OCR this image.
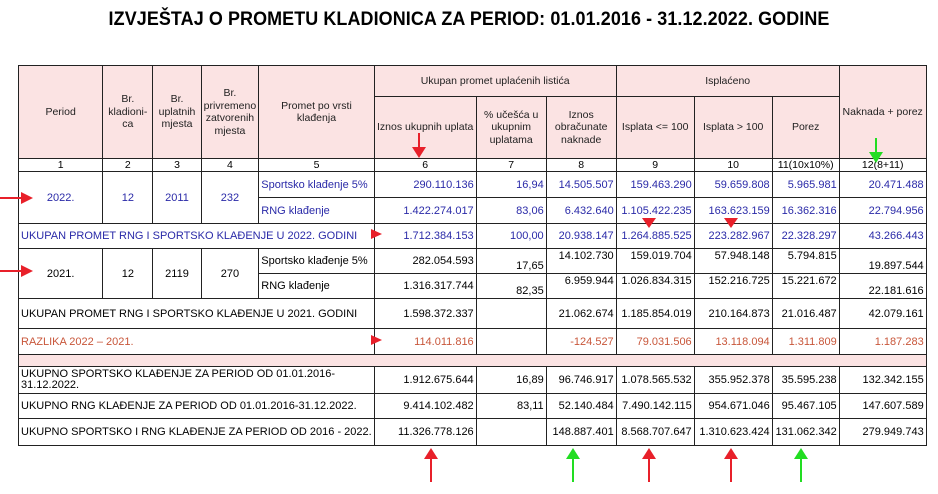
IZVJEŠTAJ O PROMETU KLADIONICA ZA PERIOD: 01.01.2016 - 31.12.2022. GODINE
Period	Br. kladioni-ca	Br. uplatnih mjesta	Br. privremeno zatvorenih mjesta	Promet po vrsti klađenja	Ukupan promet uplaćenih listića			Isplaćeno			Naknada + porez
					Iznos ukupnih uplata	% učešća u ukupnim uplatama	Iznos obračunate naknade	Isplata <= 100	Isplata > 100	Porez	
1	2	3	4	5	6	7	8	9	10	11(10x10%)	12(8+11)
2022.	12	2011	232	Sportsko klađenje 5%	290.110.136	16,94	14.505.507	159.463.290	59.659.808	5.965.981	20.471.488
				RNG klađenje	1.422.274.017	83,06	6.432.640	1.105.422.235	163.623.159	16.362.316	22.794.956
UKUPAN PROMET RNG I SPORTSKO KLAĐENJE U 2022. GODINI					1.712.384.153	100,00	20.938.147	1.264.885.525	223.282.967	22.328.297	43.266.443
2021.	12	2119	270	Sportsko klađenje 5%	282.054.593	17,65	14.102.730	159.019.704	57.948.148	5.794.815	19.897.544
				RNG klađenje	1.316.317.744	82,35	6.959.944	1.026.834.315	152.216.725	15.221.672	22.181.616
UKUPAN PROMET RNG I SPORTSKO KLAĐENJE U 2021. GODINI					1.598.372.337		21.062.674	1.185.854.019	210.164.873	21.016.487	42.079.161
RAZLIKA 2022 – 2021.					114.011.816		-124.527	79.031.506	13.118.094	1.311.809	1.187.283

UKUPNO SPORTSKO KLAĐENJE ZA PERIOD OD 01.01.2016-31.12.2022.					1.912.675.644	16,89	96.746.917	1.078.565.532	355.952.378	35.595.238	132.342.155
UKUPNO RNG KLAĐENJE ZA PERIOD OD 01.01.2016-31.12.2022.					9.414.102.482	83,11	52.140.484	7.490.142.115	954.671.046	95.467.105	147.607.589
UKUPNO SPORTSKO I RNG KLAĐENJE ZA PERIOD OD 2016 - 2022.					11.326.778.126		148.887.401	8.568.707.647	1.310.623.424	131.062.342	279.949.743
